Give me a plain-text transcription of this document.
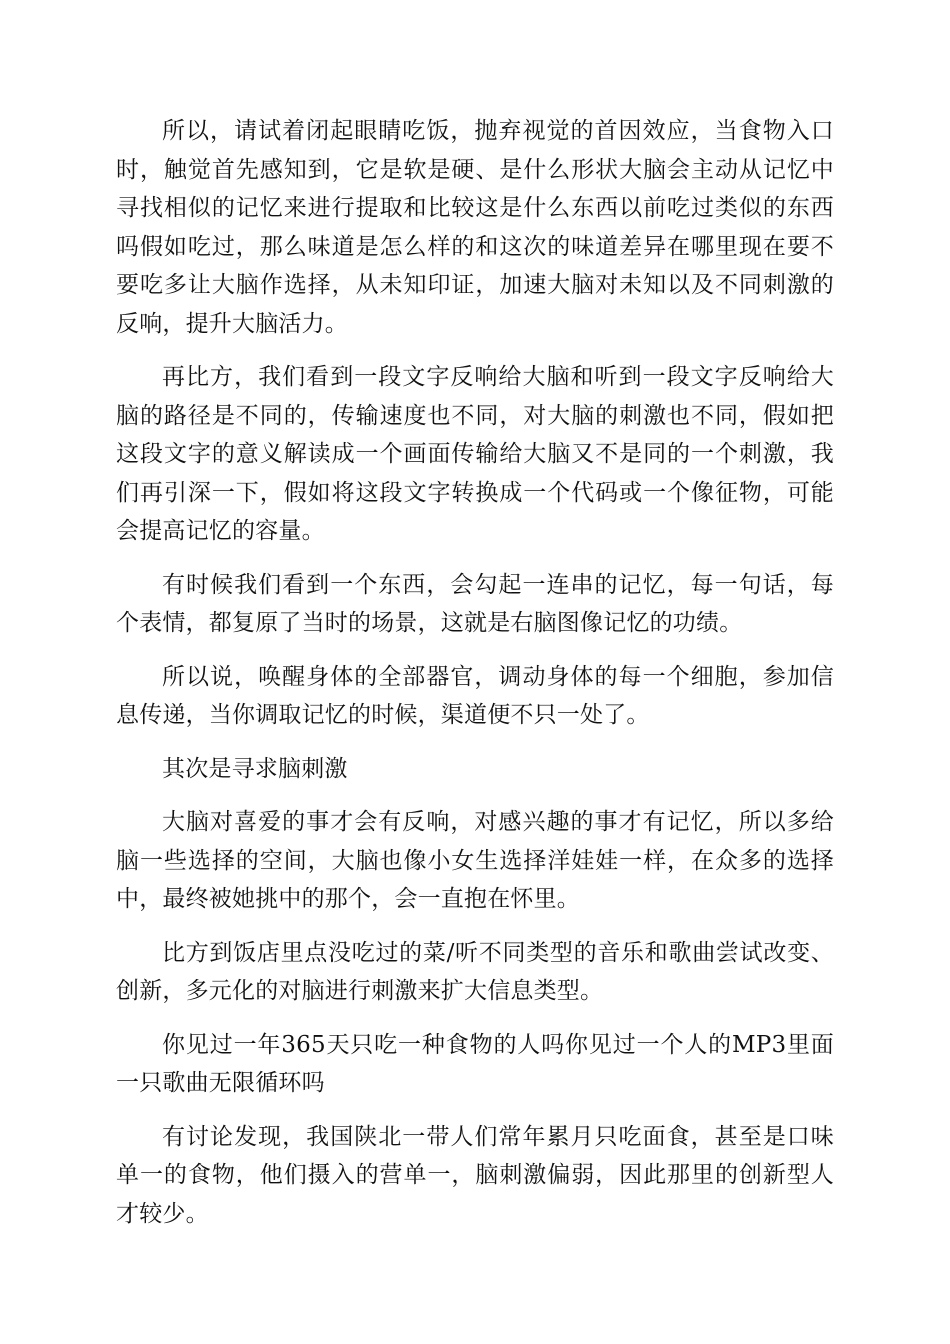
所以，请试着闭起眼睛吃饭，抛弃视觉的首因效应，当食物入口时，触觉首先感知到，它是软是硬、是什么形状大脑会主动从记忆中寻找相似的记忆来进行提取和比较这是什么东西以前吃过类似的东西吗假如吃过，那么味道是怎么样的和这次的味道差异在哪里现在要不要吃多让大脑作选择，从未知印证，加速大脑对未知以及不同刺激的反响，提升大脑活力。

再比方，我们看到一段文字反响给大脑和听到一段文字反响给大脑的路径是不同的，传输速度也不同，对大脑的刺激也不同，假如把这段文字的意义解读成一个画面传输给大脑又不是同的一个刺激，我们再引深一下，假如将这段文字转换成一个代码或一个像征物，可能会提高记忆的容量。

有时候我们看到一个东西，会勾起一连串的记忆，每一句话，每个表情，都复原了当时的场景，这就是右脑图像记忆的功绩。

所以说，唤醒身体的全部器官，调动身体的每一个细胞，参加信息传递，当你调取记忆的时候，渠道便不只一处了。

其次是寻求脑刺激

大脑对喜爱的事才会有反响，对感兴趣的事才有记忆，所以多给脑一些选择的空间，大脑也像小女生选择洋娃娃一样，在众多的选择中，最终被她挑中的那个，会一直抱在怀里。

比方到饭店里点没吃过的菜/听不同类型的音乐和歌曲尝试改变、创新，多元化的对脑进行刺激来扩大信息类型。

你见过一年365天只吃一种食物的人吗你见过一个人的MP3里面一只歌曲无限循环吗

有讨论发现，我国陕北一带人们常年累月只吃面食，甚至是口味单一的食物，他们摄入的营单一，脑刺激偏弱，因此那里的创新型人才较少。
